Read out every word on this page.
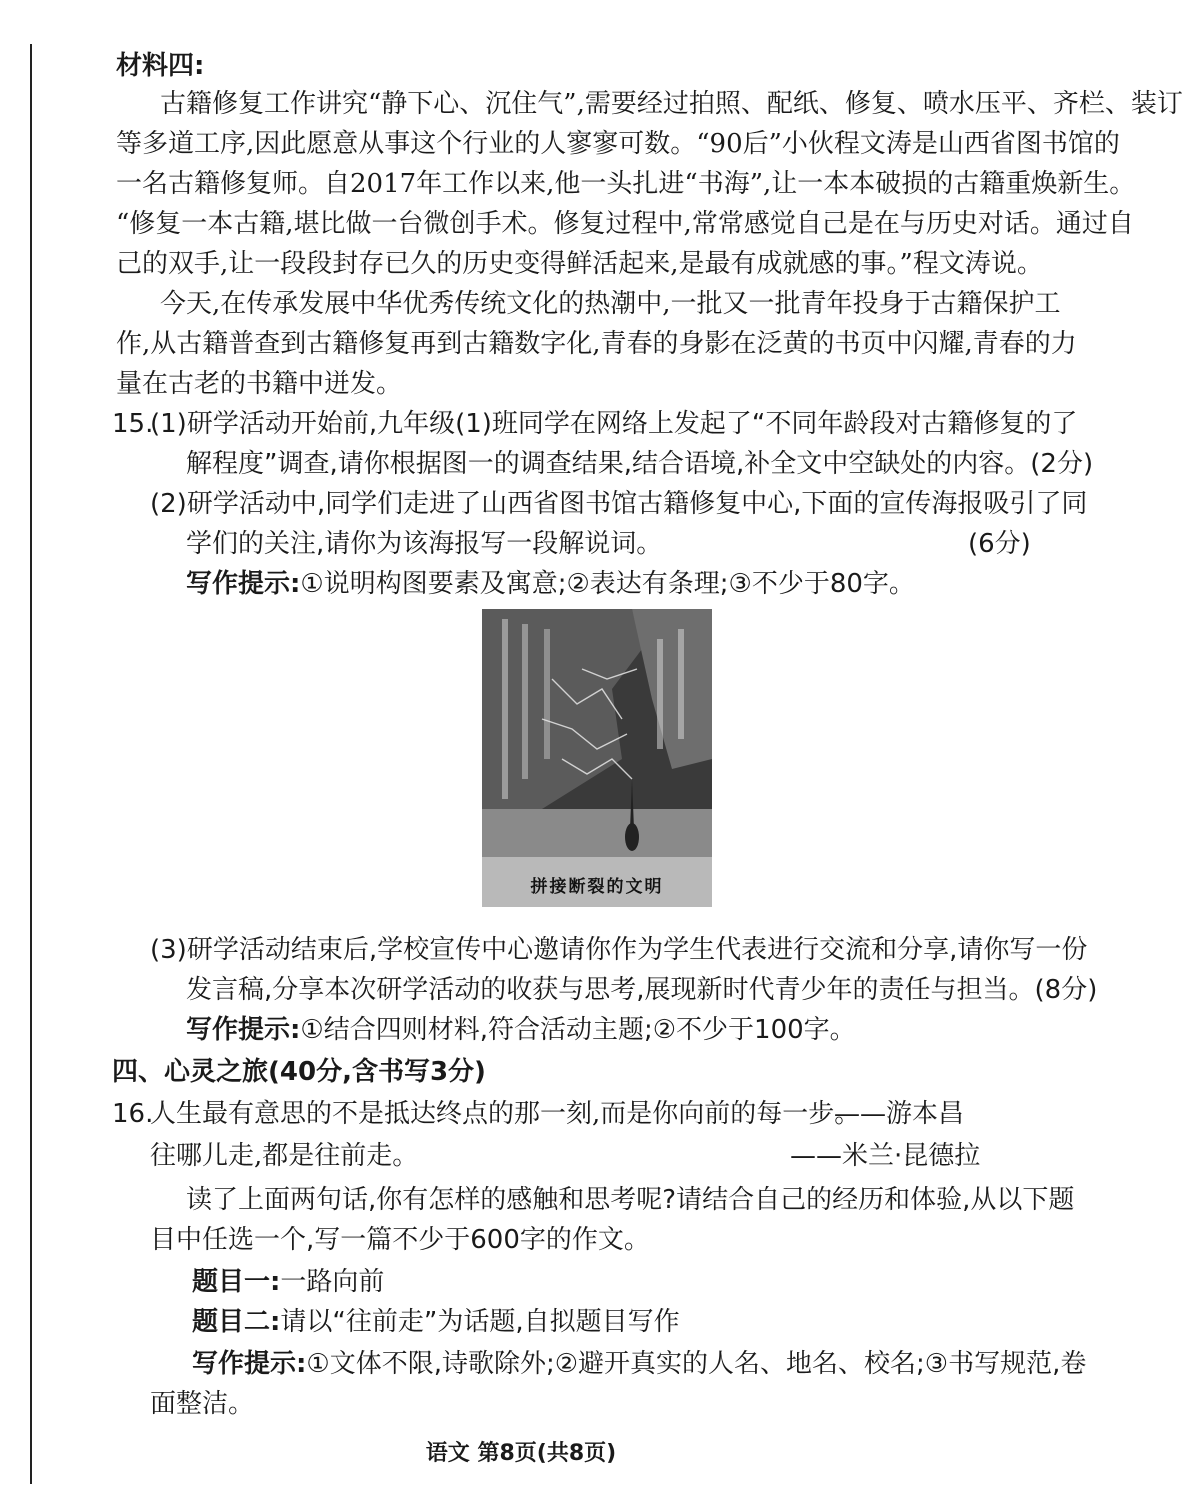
材料四:
古籍修复工作讲究“静下心、沉住气”,需要经过拍照、配纸、修复、喷水压平、齐栏、装订
等多道工序,因此愿意从事这个行业的人寥寥可数。“90后”小伙程文涛是山西省图书馆的
一名古籍修复师。自2017年工作以来,他一头扎进“书海”,让一本本破损的古籍重焕新生。
“修复一本古籍,堪比做一台微创手术。修复过程中,常常感觉自己是在与历史对话。通过自
己的双手,让一段段封存已久的历史变得鲜活起来,是最有成就感的事。”程文涛说。
今天,在传承发展中华优秀传统文化的热潮中,一批又一批青年投身于古籍保护工
作,从古籍普查到古籍修复再到古籍数字化,青春的身影在泛黄的书页中闪耀,青春的力
量在古老的书籍中迸发。
15.
(1)研学活动开始前,九年级(1)班同学在网络上发起了“不同年龄段对古籍修复的了
解程度”调查,请你根据图一的调查结果,结合语境,补全文中空缺处的内容。(2分)
(2)研学活动中,同学们走进了山西省图书馆古籍修复中心,下面的宣传海报吸引了同
学们的关注,请你为该海报写一段解说词。	(6分)
写作提示:①说明构图要素及寓意;②表达有条理;③不少于80字。
拼接断裂的文明
(3)研学活动结束后,学校宣传中心邀请你作为学生代表进行交流和分享,请你写一份
发言稿,分享本次研学活动的收获与思考,展现新时代青少年的责任与担当。(8分)
写作提示:①结合四则材料,符合活动主题;②不少于100字。
四、心灵之旅(40分,含书写3分)
16.
人生最有意思的不是抵达终点的那一刻,而是你向前的每一步。
——游本昌
往哪儿走,都是往前走。	——米兰·昆德拉
读了上面两句话,你有怎样的感触和思考呢?请结合自己的经历和体验,从以下题
目中任选一个,写一篇不少于600字的作文。
题目一:一路向前
题目二:请以“往前走”为话题,自拟题目写作
写作提示:①文体不限,诗歌除外;②避开真实的人名、地名、校名;③书写规范,卷
面整洁。
语文 第8页(共8页)
